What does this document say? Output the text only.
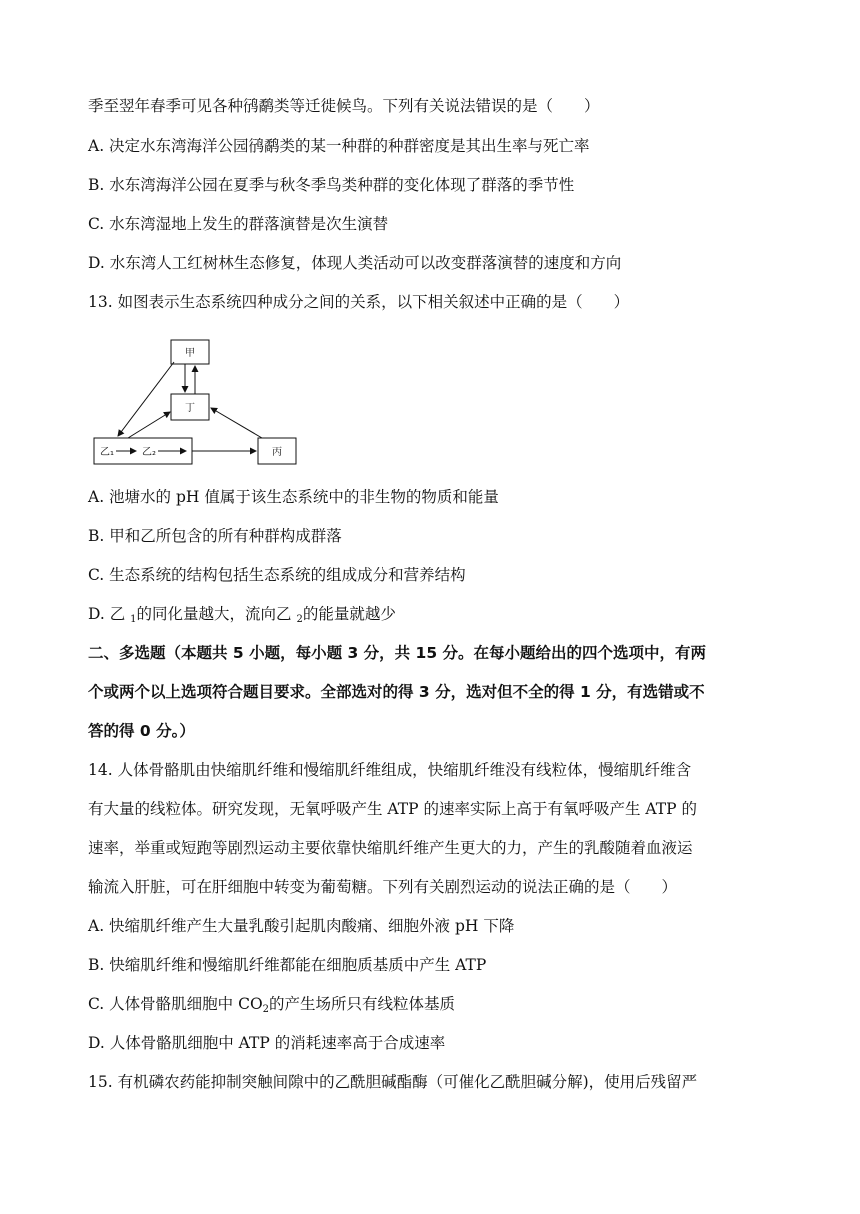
季至翌年春季可见各种鸻鹬类等迁徙候鸟。下列有关说法错误的是（　　）
A. 决定水东湾海洋公园鸻鹬类的某一种群的种群密度是其出生率与死亡率
B. 水东湾海洋公园在夏季与秋冬季鸟类种群的变化体现了群落的季节性
C. 水东湾湿地上发生的群落演替是次生演替
D. 水东湾人工红树林生态修复，体现人类活动可以改变群落演替的速度和方向
13. 如图表示生态系统四种成分之间的关系，以下相关叙述中正确的是（　　）
甲
丁
乙₁	乙₂	丙
A. 池塘水的 pH 值属于该生态系统中的非生物的物质和能量
B. 甲和乙所包含的所有种群构成群落
C. 生态系统的结构包括生态系统的组成成分和营养结构
D. 乙 $_1$的同化量越大，流向乙 $_2$的能量就越少
二、多选题（本题共 5 小题，每小题 3 分，共 15 分。在每小题给出的四个选项中，有两
个或两个以上选项符合题目要求。全部选对的得 3 分，选对但不全的得 1 分，有选错或不
答的得 0 分。）
14. 人体骨骼肌由快缩肌纤维和慢缩肌纤维组成，快缩肌纤维没有线粒体，慢缩肌纤维含
有大量的线粒体。研究发现，无氧呼吸产生 ATP 的速率实际上高于有氧呼吸产生 ATP 的
速率，举重或短跑等剧烈运动主要依靠快缩肌纤维产生更大的力，产生的乳酸随着血液运
输流入肝脏，可在肝细胞中转变为葡萄糖。下列有关剧烈运动的说法正确的是（　　）
A. 快缩肌纤维产生大量乳酸引起肌肉酸痛、细胞外液 pH 下降
B. 快缩肌纤维和慢缩肌纤维都能在细胞质基质中产生 ATP
C. 人体骨骼肌细胞中 $CO_2$的产生场所只有线粒体基质
D. 人体骨骼肌细胞中 ATP 的消耗速率高于合成速率
15. 有机磷农药能抑制突触间隙中的乙酰胆碱酯酶（可催化乙酰胆碱分解)，使用后残留严
